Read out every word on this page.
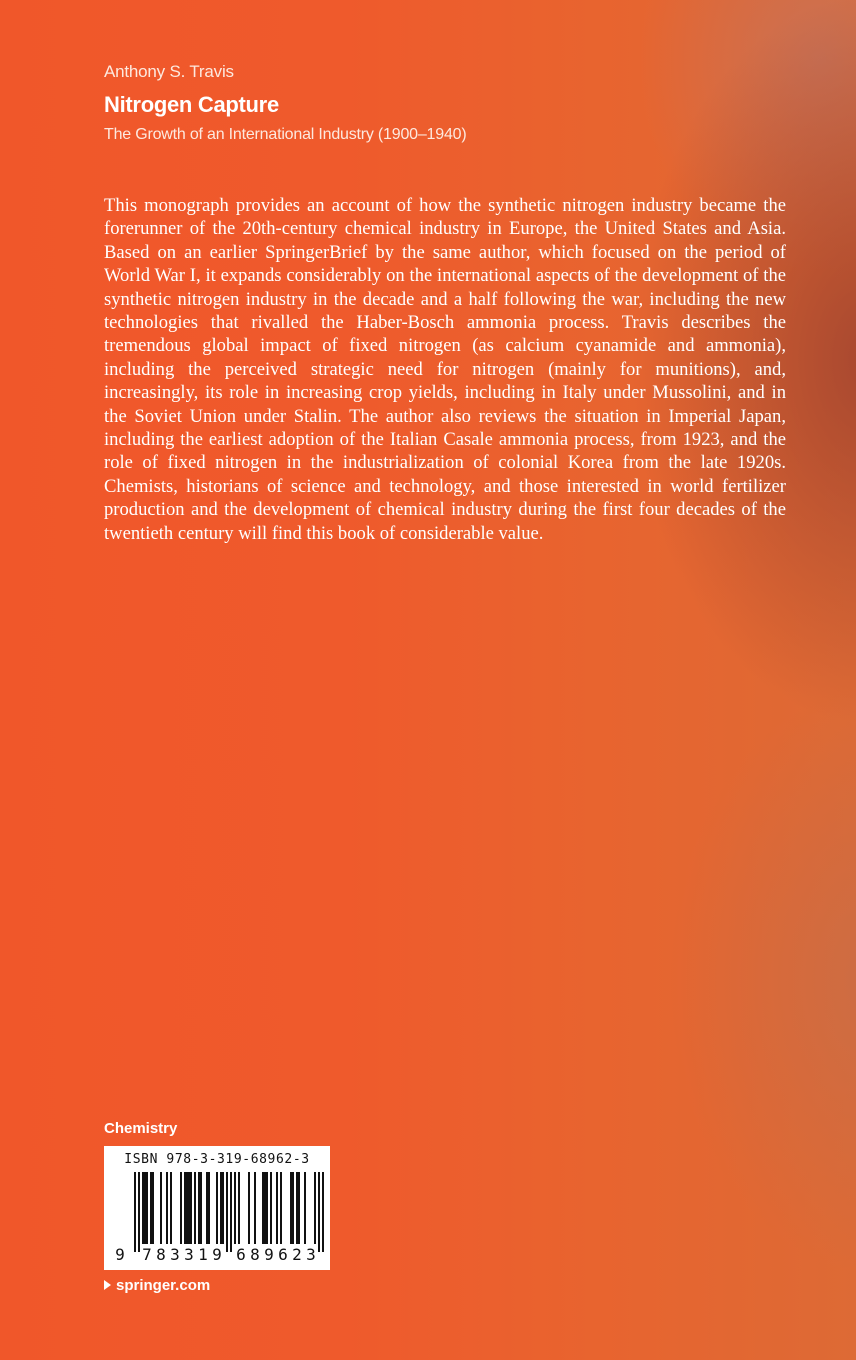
Anthony S. Travis
Nitrogen Capture
The Growth of an International Industry (1900–1940)

This monograph provides an account of how the synthetic nitrogen industry became the forerunner of the 20th-century chemical industry in Europe, the United States and Asia. Based on an earlier SpringerBrief by the same author, which focused on the period of World War I, it expands considerably on the international aspects of the development of the synthetic nitrogen industry in the decade and a half following the war, including the new technologies that rivalled the Haber-Bosch ammonia process. Travis describes the tremendous global impact of fixed nitrogen (as calcium cyanamide and ammonia), including the perceived strategic need for nitrogen (mainly for munitions), and, increasingly, its role in increasing crop yields, including in Italy under Mussolini, and in the Soviet Union under Stalin. The author also reviews the situation in Imperial Japan, including the earliest adoption of the Italian Casale ammonia process, from 1923, and the role of fixed nitrogen in the industrialization of colonial Korea from the late 1920s. Chemists, historians of science and technology, and those interested in world fertilizer production and the development of chemical industry during the first four decades of the twentieth century will find this book of considerable value.

Chemistry
9 7 8 3 3 1 9 6 8 9 6 2 3
ISBN 978-3-319-68962-3
springer.com
